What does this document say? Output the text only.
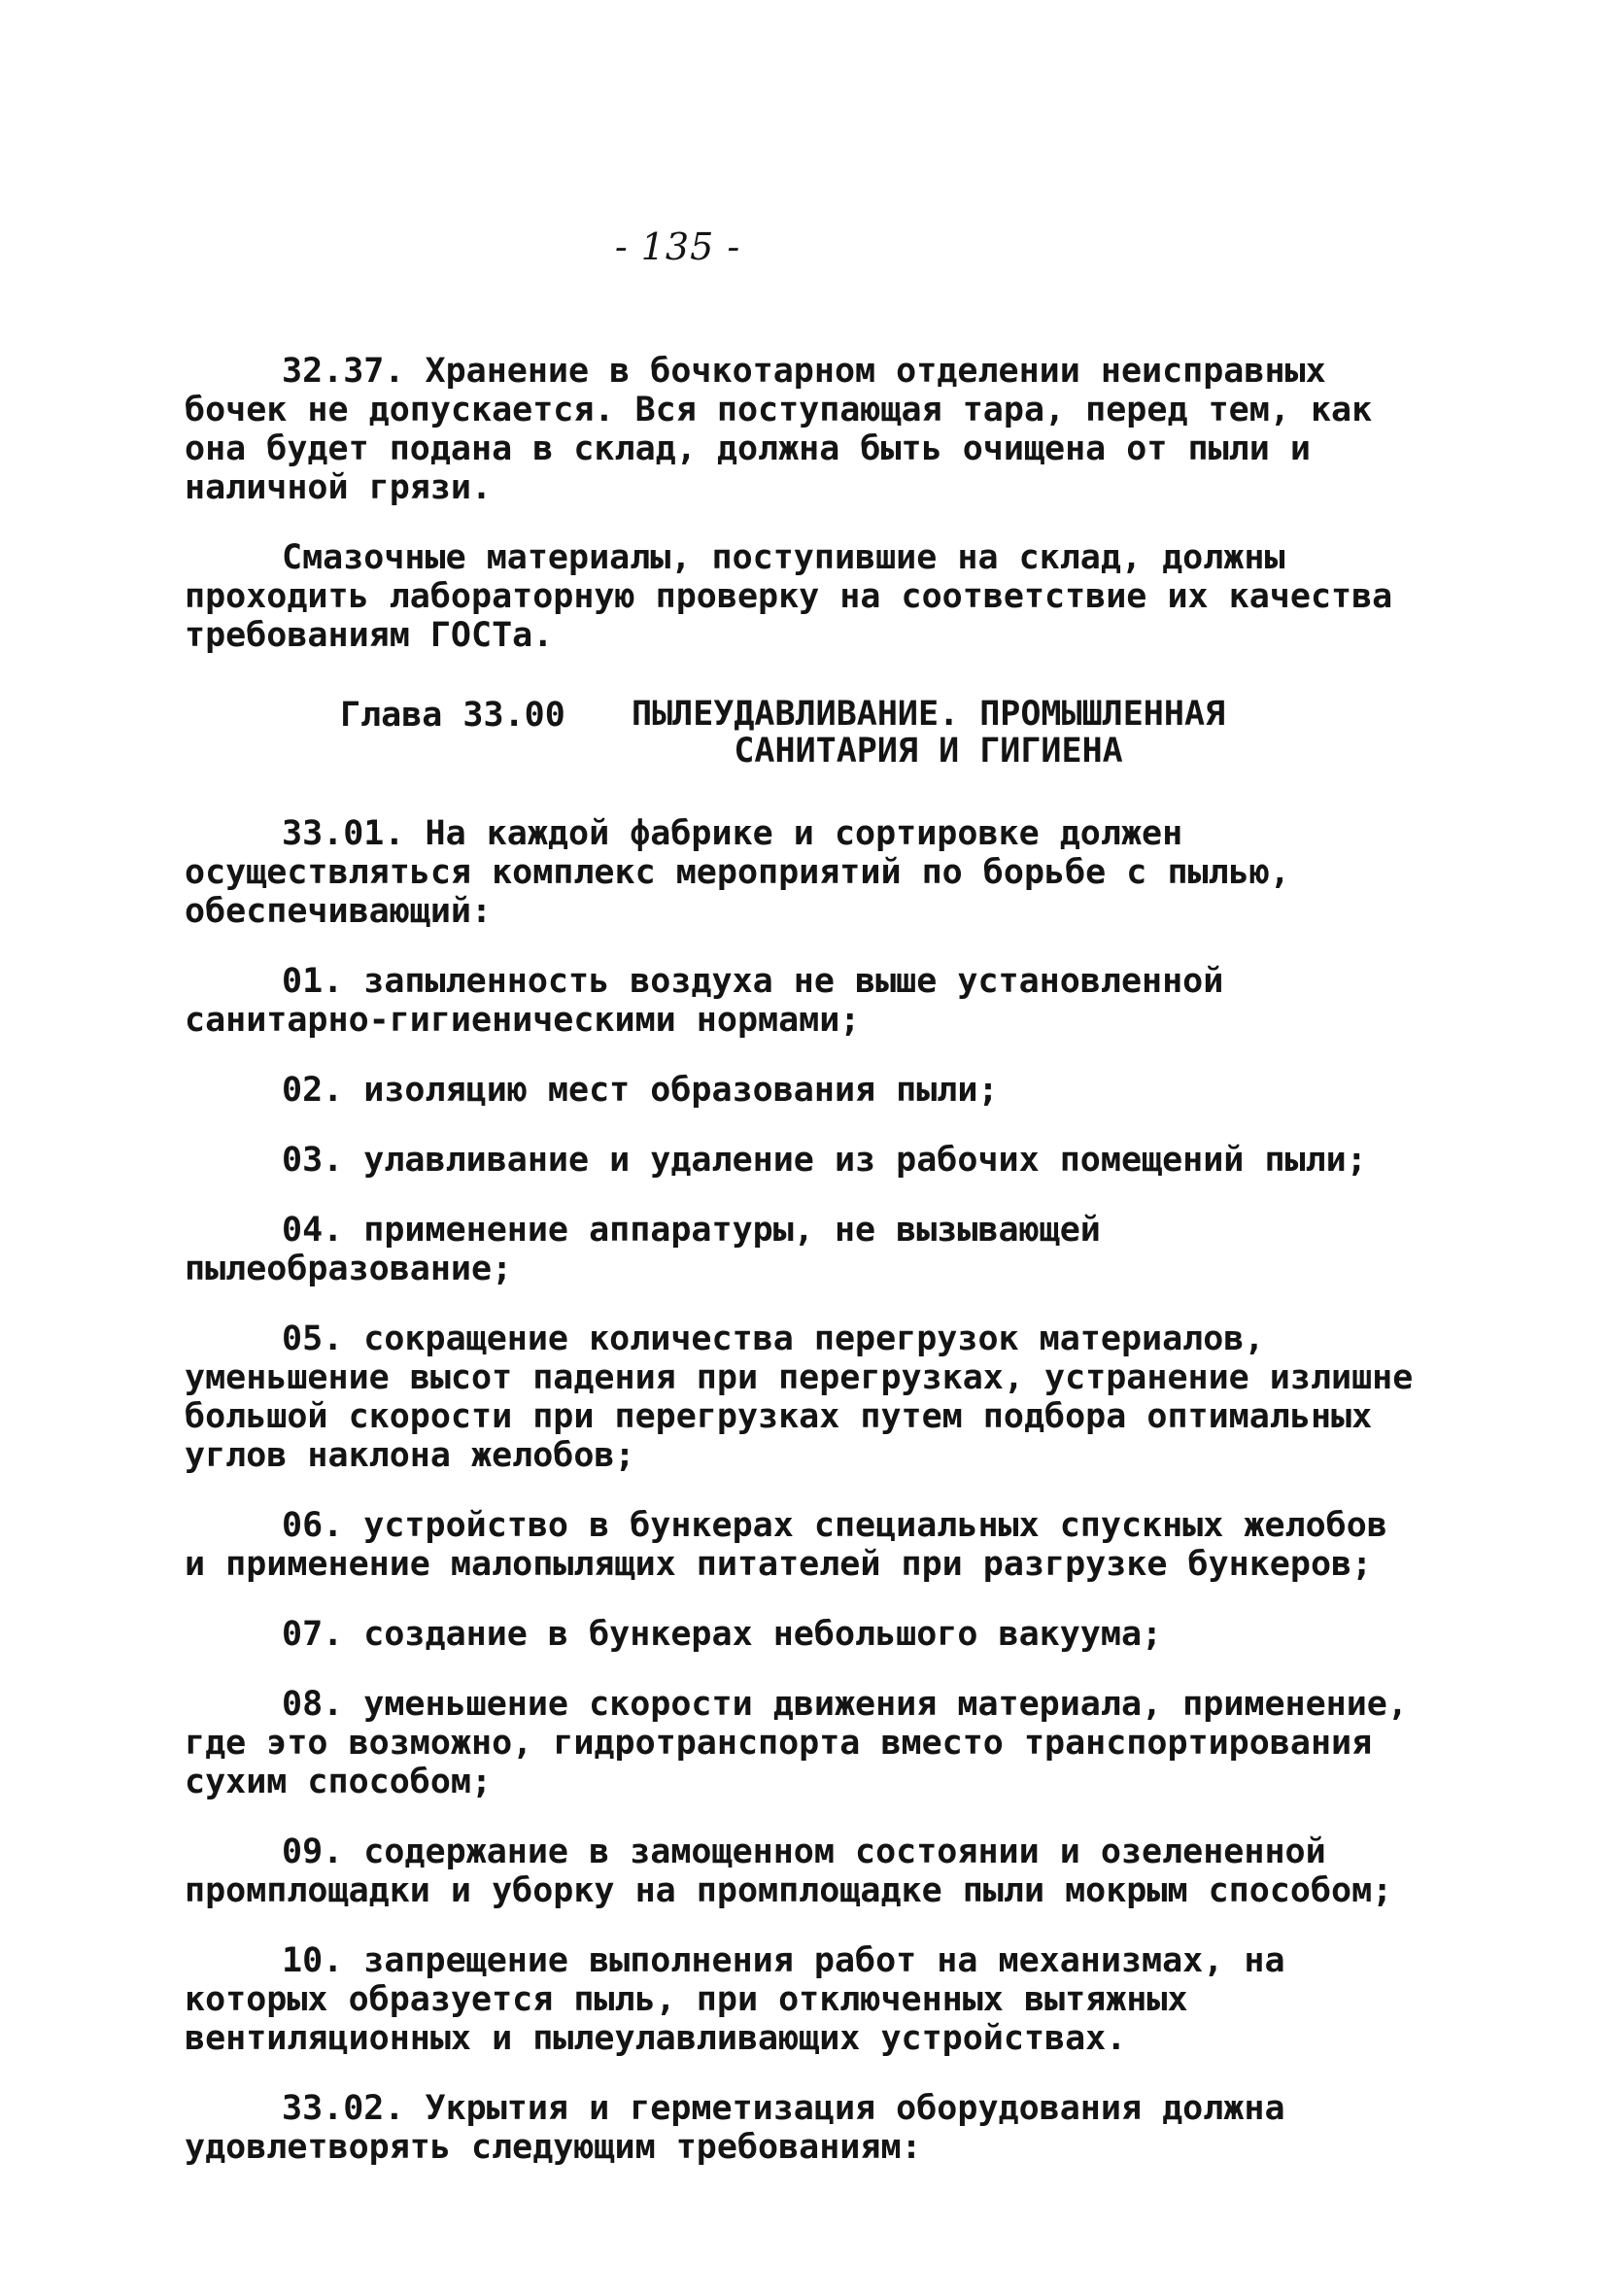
- 135 -

32.37. Хранение в бочкотарном отделении неисправных бочек не допускается. Вся поступающая тара, перед тем, как она будет подана в склад, должна быть очищена от пыли и наличной грязи.

Смазочные материалы, поступившие на склад, должны проходить лабораторную проверку на соответствие их качества требованиям ГОСТа.

Глава 33.00	ПЫЛЕУДАВЛИВАНИЕ. ПРОМЫШЛЕННАЯ
САНИТАРИЯ И ГИГИЕНА

33.01. На каждой фабрике и сортировке должен осуществляться комплекс мероприятий по борьбе с пылью, обеспечивающий:

01. запыленность воздуха не выше установленной санитарно-гигиеническими нормами;

02. изоляцию мест образования пыли;

03. улавливание и удаление из рабочих помещений пыли;

04. применение аппаратуры, не вызывающей пылеобразование;

05. сокращение количества перегрузок материалов, уменьшение высот падения при перегрузках, устранение излишне большой скорости при перегрузках путем подбора оптимальных углов наклона желобов;

06. устройство в бункерах специальных спускных желобов и применение малопылящих питателей при разгрузке бункеров;

07. создание в бункерах небольшого вакуума;

08. уменьшение скорости движения материала, применение, где это возможно, гидротранспорта вместо транспортирования сухим способом;

09. содержание в замощенном состоянии и озелененной промплощадки и уборку на промплощадке пыли мокрым способом;

10. запрещение выполнения работ на механизмах, на которых образуется пыль, при отключенных вытяжных вентиляционных и пылеулавливающих устройствах.

33.02. Укрытия и герметизация оборудования должна удовлетворять следующим требованиям:
